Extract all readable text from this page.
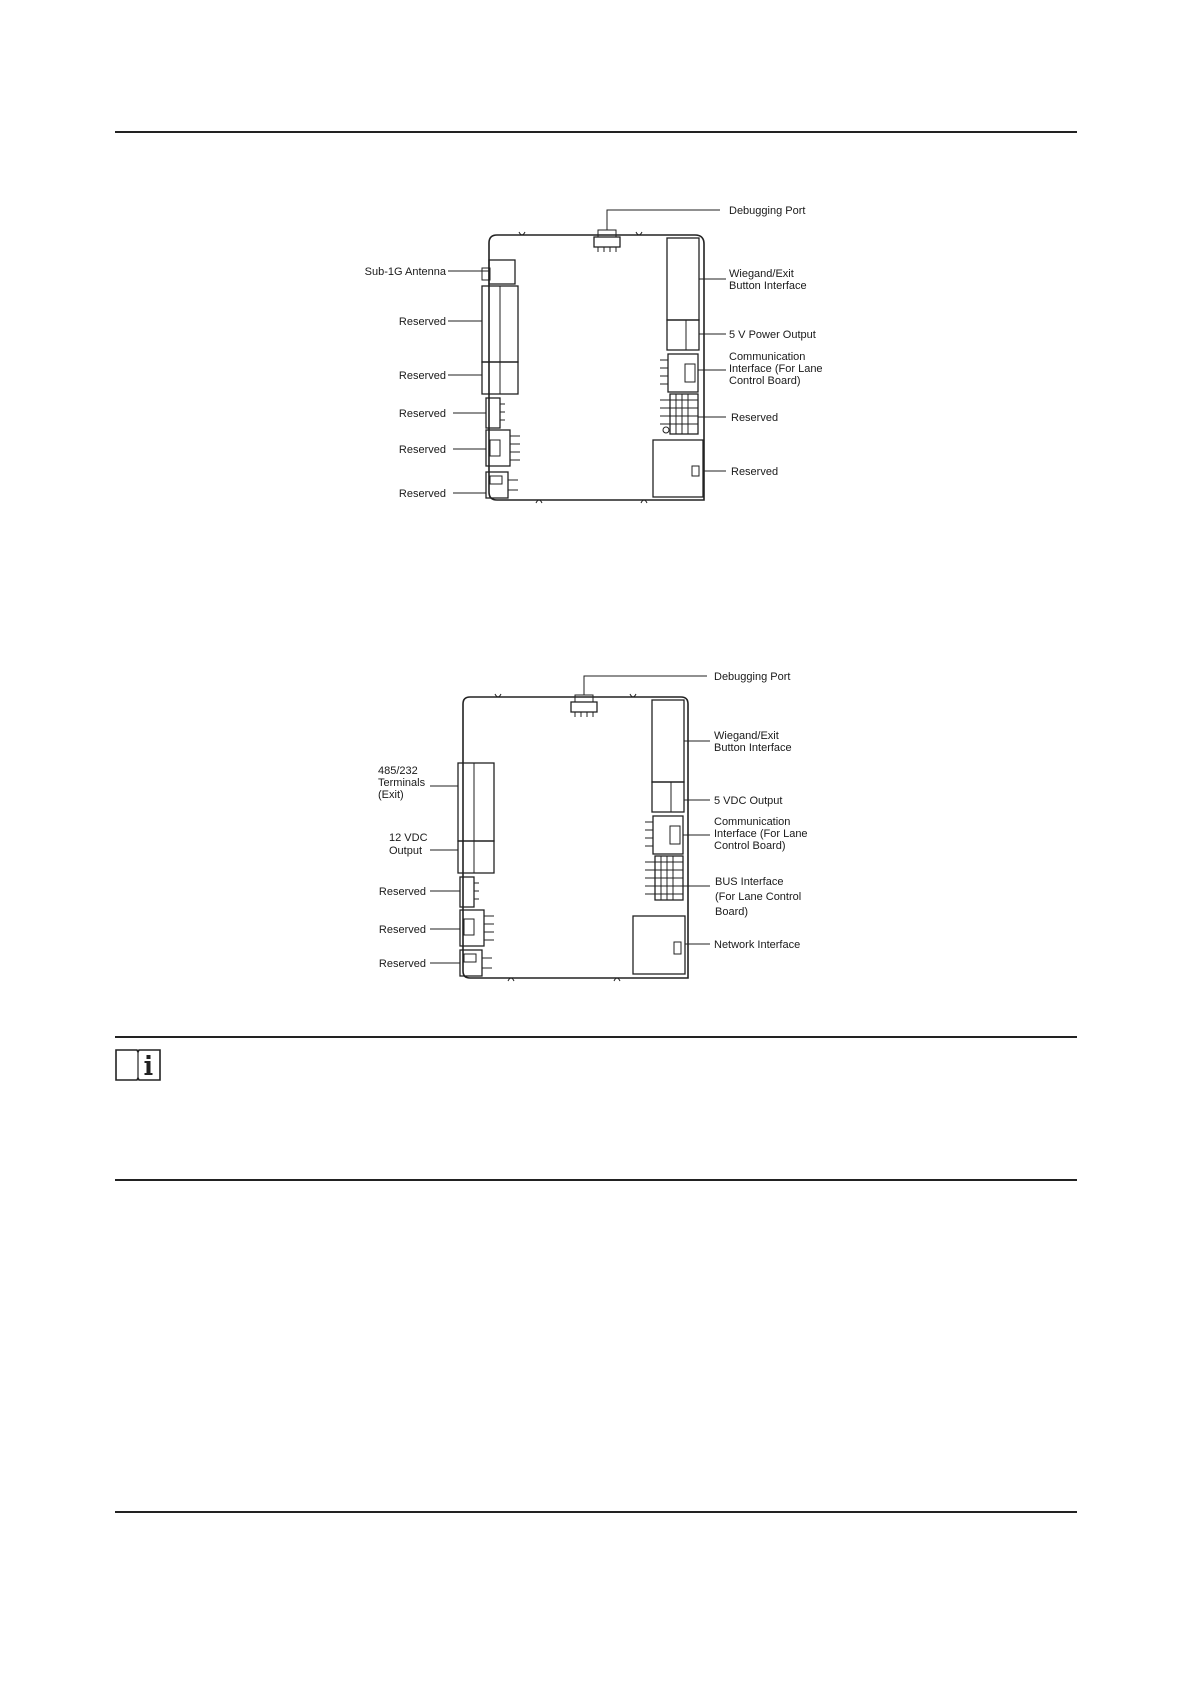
Debugging Port
Sub-1G Antenna
Reserved
Reserved
Reserved
Reserved
Reserved
Wiegand/Exit
Button Interface
5 V Power Output
Communication
Interface (For Lane
Control Board)
Reserved
Reserved
Debugging Port
485/232
Terminals
(Exit)
12 VDC
Output
Reserved
Reserved
Reserved
Wiegand/Exit
Button Interface
5 VDC Output
Communication
Interface (For Lane
Control Board)
BUS Interface
(For Lane Control
Board)
Network Interface
